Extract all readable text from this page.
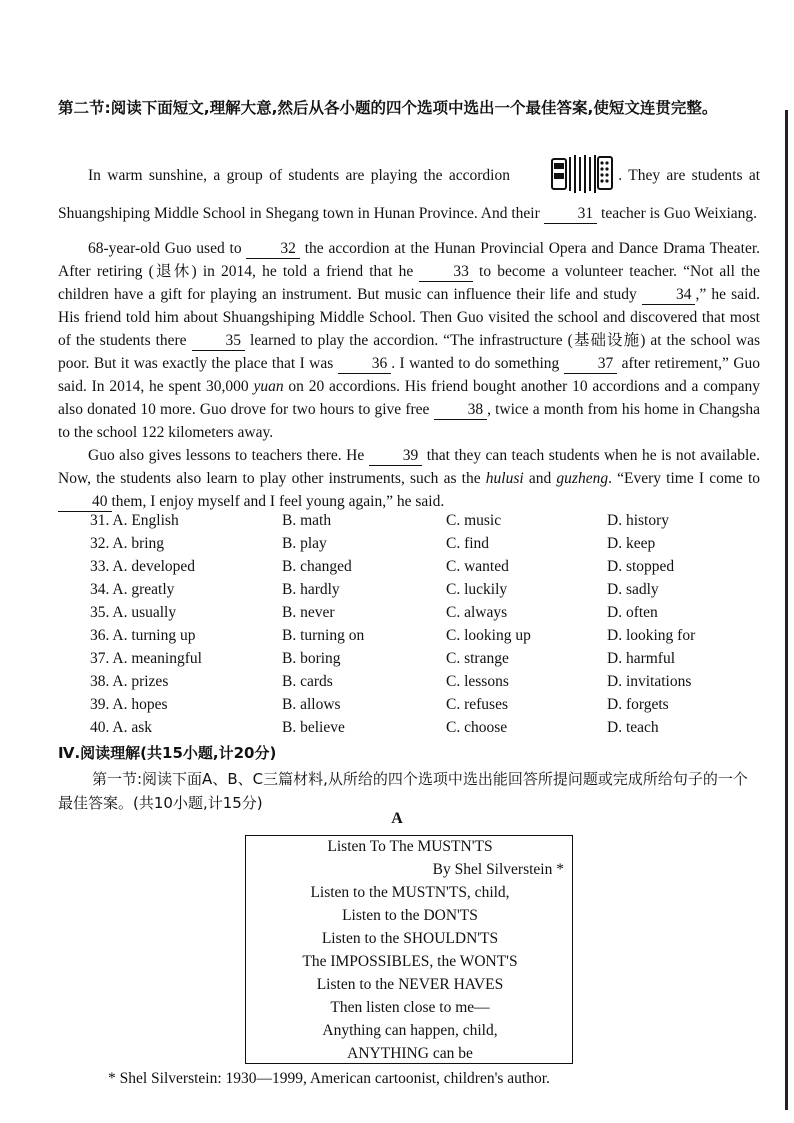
第二节:阅读下面短文,理解大意,然后从各小题的四个选项中选出一个最佳答案,使短文连贯完整。
In warm sunshine, a group of students are playing the accordion	. They are students at Shuangshiping Middle School in Shegang town in Hunan Province. And their 31 teacher is Guo Weixiang.
68-year-old Guo used to	32 the accordion at the Hunan Provincial Opera and Dance Drama Theater. After retiring (退休) in 2014, he told a friend that he	33 to become a volunteer teacher. “Not all the children have a gift for playing an instrument. But music can influence their life and study	34 ,” he said. His friend told him about Shuangshiping Middle School. Then Guo visited the school and discovered that most of the students there	35 learned to play the accordion. “The infrastructure (基础设施) at the school was poor. But it was exactly the place that I was 36 . I wanted to do something 37 after retirement,” Guo said. In 2014, he spent 30,000 yuan on 20 accordions. His friend bought another 10 accordions and a company also donated 10 more. Guo drove for two hours to give free 38 , twice a month from his home in Changsha to the school 122 kilometers away.
Guo also gives lessons to teachers there. He 39 that they can teach students when he is not available. Now, the students also learn to play other instruments, such as the hulusi and guzheng. “Every time I come to 40 them, I enjoy myself and I feel young again,” he said.
31. A. English	B. math	C. music	D. history
32. A. bring	B. play	C. find	D. keep
33. A. developed	B. changed	C. wanted	D. stopped
34. A. greatly	B. hardly	C. luckily	D. sadly
35. A. usually	B. never	C. always	D. often
36. A. turning up	B. turning on	C. looking up	D. looking for
37. A. meaningful	B. boring	C. strange	D. harmful
38. A. prizes	B. cards	C. lessons	D. invitations
39. A. hopes	B. allows	C. refuses	D. forgets
40. A. ask	B. believe	C. choose	D. teach
Ⅳ.阅读理解(共15小题,计20分)
第一节:阅读下面A、B、C三篇材料,从所给的四个选项中选出能回答所提问题或完成所给句子的一个最佳答案。(共10小题,计15分)
A
Listen To The MUSTN'TS
By Shel Silverstein *
Listen to the MUSTN'TS, child,
Listen to the DON'TS
Listen to the SHOULDN'TS
The IMPOSSIBLES, the WONT'S
Listen to the NEVER HAVES
Then listen close to me—
Anything can happen, child,
ANYTHING can be
* Shel Silverstein: 1930—1999, American cartoonist, children's author.
